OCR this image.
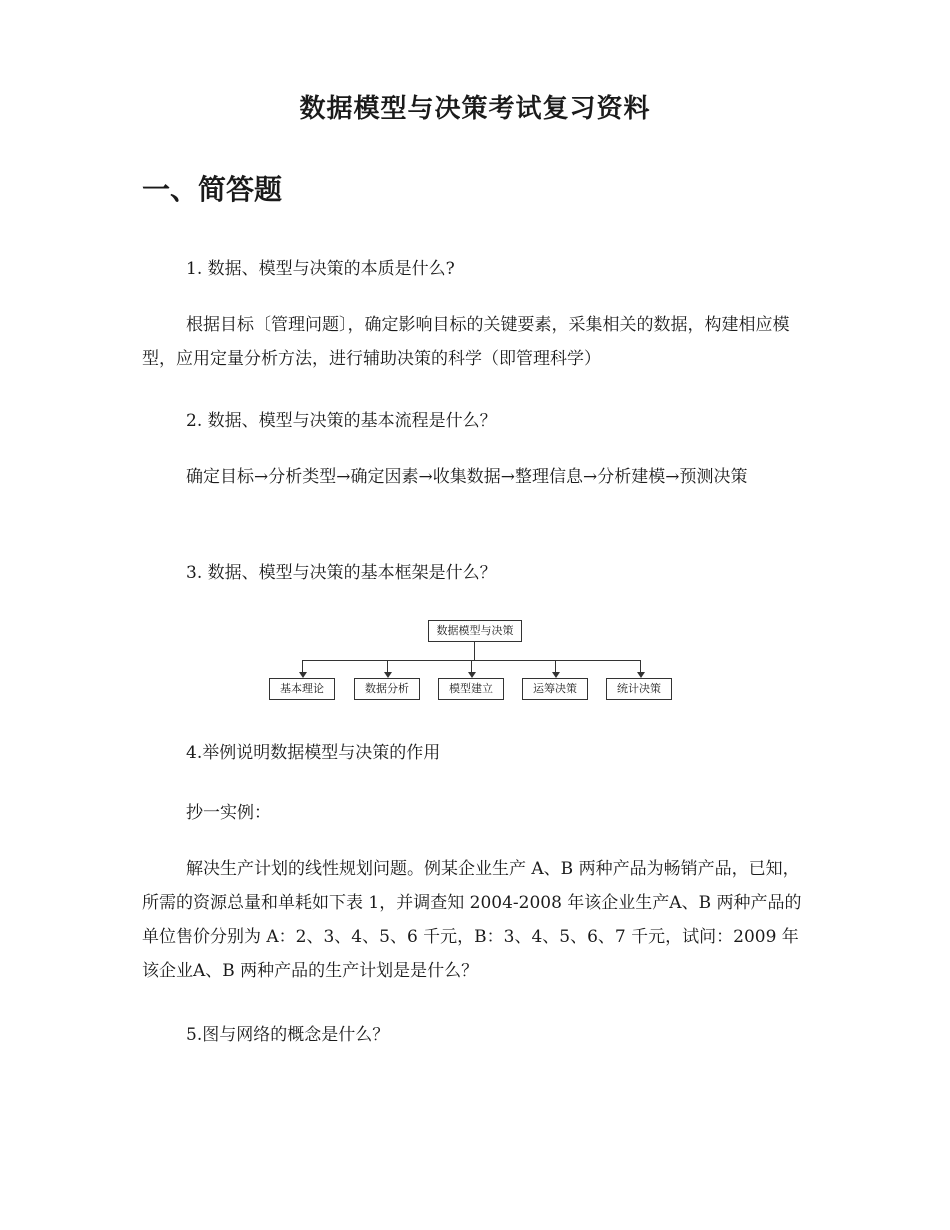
数据模型与决策考试复习资料
一、简答题
1. 数据、模型与决策的本质是什么?

根据目标〔管理问题〕，确定影响目标的关键要素，采集相关的数据，构建相应模型，应用定量分析方法，进行辅助决策的科学（即管理科学）

2. 数据、模型与决策的基本流程是什么？

确定目标→分析类型→确定因素→收集数据→整理信息→分析建模→预测决策

3. 数据、模型与决策的基本框架是什么？
数据模型与决策
基本理论	数据分析	模型建立	运筹决策	统计决策
4.举例说明数据模型与决策的作用
抄一实例：

解决生产计划的线性规划问题。例某企业生产 A、B 两种产品为畅销产品，已知，所需的资源总量和单耗如下表 1，并调查知 2004-2008 年该企业生产A、B 两种产品的单位售价分别为 A：2、3、4、5、6 千元，B：3、4、5、6、7 千元，试问：2009 年该企业A、B 两种产品的生产计划是是什么？

5.图与网络的概念是什么？
